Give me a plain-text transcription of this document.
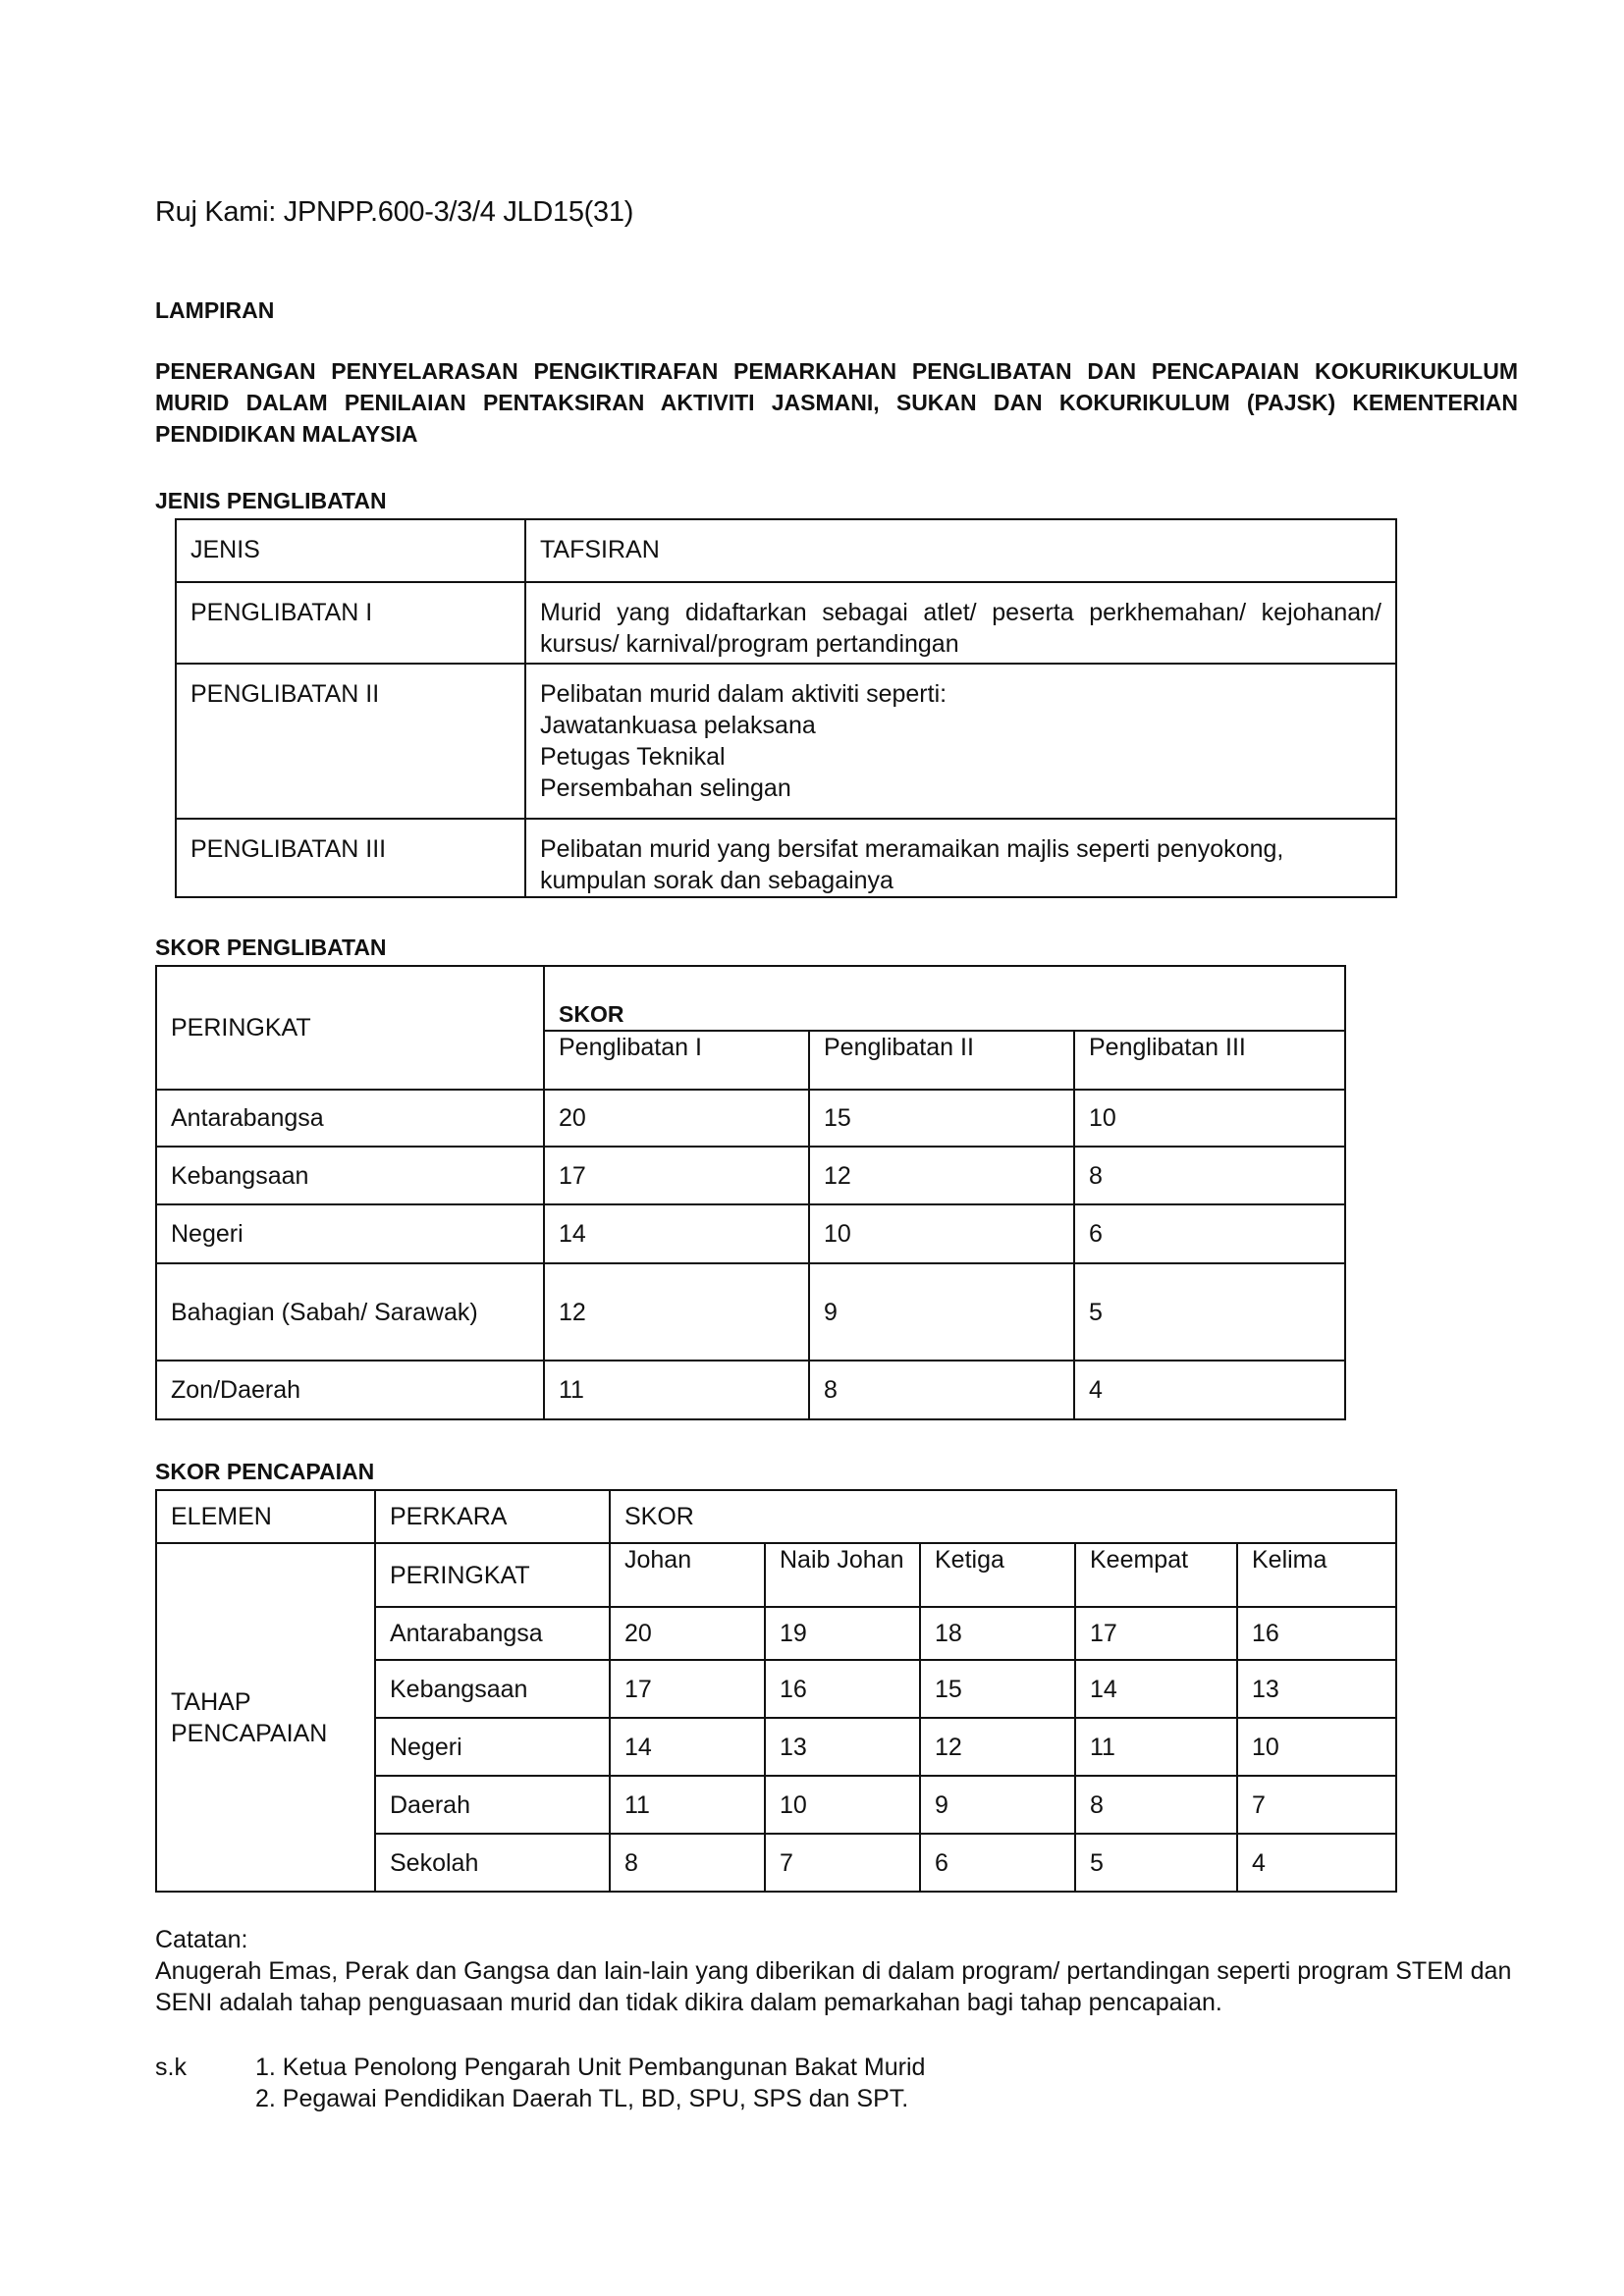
Ruj Kami: JPNPP.600-3/3/4 JLD15(31)
LAMPIRAN
PENERANGAN PENYELARASAN PENGIKTIRAFAN PEMARKAHAN PENGLIBATAN DAN PENCAPAIAN KOKURIKUKULUM MURID DALAM PENILAIAN PENTAKSIRAN AKTIVITI JASMANI, SUKAN DAN KOKURIKULUM (PAJSK) KEMENTERIAN PENDIDIKAN MALAYSIA
JENIS PENGLIBATAN
JENIS	TAFSIRAN
PENGLIBATAN I	Murid yang didaftarkan sebagai atlet/ peserta perkhemahan/ kejohanan/ kursus/ karnival/program pertandingan
PENGLIBATAN II	Pelibatan murid dalam aktiviti seperti:
Jawatankuasa pelaksana
Petugas Teknikal
Persembahan selingan

PENGLIBATAN III	Pelibatan murid yang bersifat meramaikan majlis seperti penyokong, kumpulan sorak dan sebagainya
SKOR PENGLIBATAN
PERINGKAT	SKOR		
	Penglibatan I	Penglibatan II	Penglibatan III
Antarabangsa	20	15	10
Kebangsaan	17	12	8
Negeri	14	10	6
Bahagian (Sabah/ Sarawak)	12	9	5
Zon/Daerah	11	8	4
SKOR PENCAPAIAN
ELEMEN	PERKARA	SKOR				
TAHAP PENCAPAIAN	PERINGKAT	Johan	Naib Johan	Ketiga	Keempat	Kelima
	Antarabangsa	20	19	18	17	16
	Kebangsaan	17	16	15	14	13
	Negeri	14	13	12	11	10
	Daerah	11	10	9	8	7
	Sekolah	8	7	6	5	4
Catatan:
Anugerah Emas, Perak dan Gangsa dan lain-lain yang diberikan di dalam program/ pertandingan seperti program STEM dan SENI adalah tahap penguasaan murid dan tidak dikira dalam pemarkahan bagi tahap pencapaian.
s.k	1. Ketua Penolong Pengarah Unit Pembangunan Bakat Murid
2. Pegawai Pendidikan Daerah TL, BD, SPU, SPS dan SPT.
